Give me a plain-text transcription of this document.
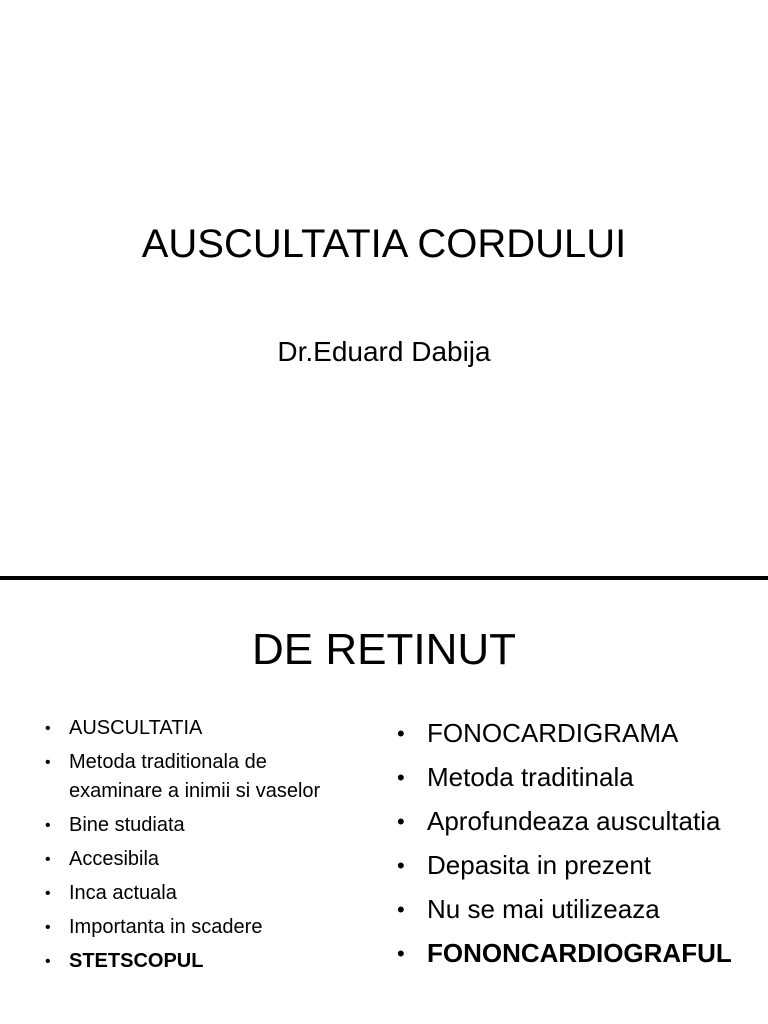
AUSCULTATIA CORDULUI
Dr.Eduard Dabija
DE RETINUT
• AUSCULTATIA
• Metoda traditionala de examinare a inimii si vaselor
• Bine studiata
• Accesibila
• Inca actuala
• Importanta in scadere
• STETSCOPUL
• FONOCARDIGRAMA
• Metoda traditinala
• Aprofundeaza auscultatia
• Depasita in prezent
• Nu se mai utilizeaza
• FONONCARDIOGRAFUL
